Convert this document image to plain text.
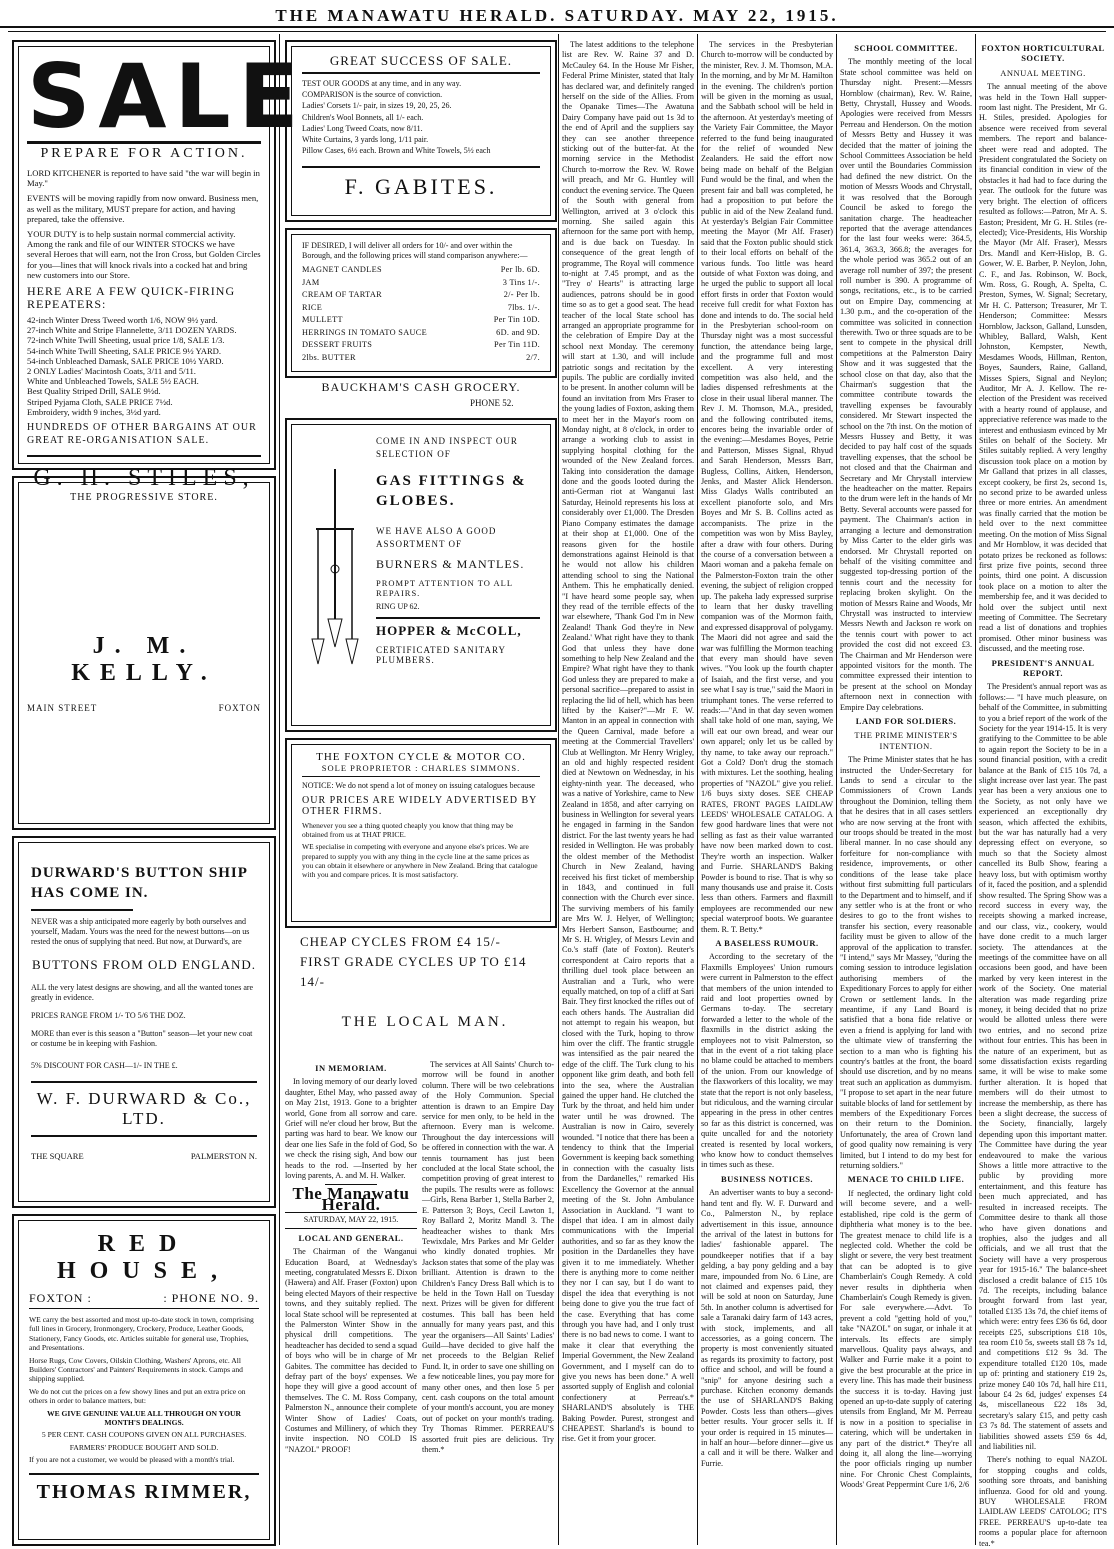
THE MANAWATU HERALD. SATURDAY. MAY 22, 1915.
SALE
PREPARE FOR ACTION.

LORD KITCHENER is reported to have said "the war will begin in May."

EVENTS will be moving rapidly from now onward. Business men, as well as the military, MUST prepare for action, and having prepared, take the offensive.

YOUR DUTY is to help sustain normal commercial activity. Among the rank and file of our WINTER STOCKS we have several Heroes that will earn, not the Iron Cross, but Golden Circles for you—lines that will knock rivals into a cocked hat and bring new customers into our Store.

HERE ARE A FEW QUICK-FIRING REPEATERS:
42-inch Winter Dress Tweed worth 1/6, NOW 9½ yard.
27-inch White and Stripe Flannelette, 3/11 DOZEN YARDS.
72-inch White Twill Sheeting, usual price 1/8, SALE 1/3.
54-inch White Twill Sheeting, SALE PRICE 9½ YARD.
54-inch Unbleached Damask, SALE PRICE 10½ YARD.
2 ONLY Ladies' Macintosh Coats, 3/11 and 5/11.
White and Unbleached Towels, SALE 5½ EACH.
Best Quality Striped Drill, SALE 9½d.
Striped Pyjama Cloth, SALE PRICE 7½d.
Embroidery, width 9 inches, 3½d yard.
HUNDREDS OF OTHER BARGAINS AT OUR GREAT RE-ORGANISATION SALE.
G. H. STILES,
THE PROGRESSIVE STORE.
J. M. KELLY.
MAIN STREET	FOXTON
DURWARD'S BUTTON SHIP HAS COME IN.

NEVER was a ship anticipated more eagerly by both ourselves and yourself, Madam. Yours was the need for the newest buttons—on us rested the onus of supplying that need. But now, at Durward's, are

BUTTONS FROM OLD ENGLAND.

ALL the very latest designs are showing, and all the wanted tones are greatly in evidence.

PRICES RANGE FROM 1/- TO 5/6 THE DOZ.

MORE than ever is this season a "Button" season—let your new coat or costume be in keeping with Fashion.

5% DISCOUNT FOR CASH—1/- IN THE £.

W. F. DURWARD & Co., LTD.
THE SQUARE	PALMERSTON N.
RED HOUSE,
FOXTON :	: PHONE NO. 9.

WE carry the best assorted and most up-to-date stock in town, comprising full lines in Grocery, Ironmongery, Crockery, Produce, Leather Goods, Stationery, Fancy Goods, etc. Articles suitable for general use, Trophies, and Presentations.

Horse Rugs, Cow Covers, Oilskin Clothing, Washers' Aprons, etc. All Builders' Contractors' and Painters' Requirements in stock. Camps and shipping supplied.

We do not cut the prices on a few showy lines and put an extra price on others in order to balance matters, but:

WE GIVE GENUINE VALUE ALL THROUGH ON YOUR MONTH'S DEALINGS.

5 PER CENT. CASH COUPONS GIVEN ON ALL PURCHASES.

FARMERS' PRODUCE BOUGHT AND SOLD.

If you are not a customer, we would be pleased with a month's trial.

THOMAS RIMMER,
GREAT SUCCESS OF SALE.
TEST OUR GOODS at any time, and in any way.
COMPARISON is the source of conviction.
Ladies' Corsets 1/- pair, in sizes 19, 20, 25, 26.
Children's Wool Bonnets, all 1/- each.
Ladies' Long Tweed Coats, now 8/11.
White Curtains, 3 yards long, 1/11 pair.
Pillow Cases, 6½ each. Brown and White Towels, 5½ each
F. GABITES.

IF DESIRED, I will deliver all orders for 10/- and over within the Borough, and the following prices will stand comparison anywhere:—

MAGNET CANDLES	Per lb. 6D.
JAM	3 Tins 1/-.
CREAM OF TARTAR	2/- Per lb.
RICE	7lbs. 1/-.
MULLETT	Per Tin 10D.
HERRINGS IN TOMATO SAUCE	6D. and 9D.
DESSERT FRUITS	Per Tin 11D.
2lbs. BUTTER	2/7.
BAUCKHAM'S CASH GROCERY.
PHONE 52.
COME IN AND INSPECT OUR SELECTION OF
GAS FITTINGS & GLOBES.
WE HAVE ALSO A GOOD ASSORTMENT OF
BURNERS & MANTLES.
PROMPT ATTENTION TO ALL REPAIRS.
RING UP 62.
HOPPER & McCOLL,
CERTIFICATED SANITARY PLUMBERS.
THE FOXTON CYCLE & MOTOR CO.
SOLE PROPRIETOR : CHARLES SIMMONS.

NOTICE: We do not spend a lot of money on issuing catalogues because

OUR PRICES ARE WIDELY ADVERTISED BY OTHER FIRMS.

Whenever you see a thing quoted cheaply you know that thing may be obtained from us at THAT PRICE.

WE specialise in competing with everyone and anyone else's prices. We are prepared to supply you with any thing in the cycle line at the same prices as you can obtain it elsewhere or anywhere in New Zealand. Bring that catalogue with you and compare prices. It is most satisfactory.

CHEAP CYCLES FROM £4 15/-
FIRST GRADE CYCLES UP TO £14 14/-
THE LOCAL MAN.
IN MEMORIAM.

In loving memory of our dearly loved daughter, Ethel May, who passed away on May 21st, 1913. Gone to a brighter world, Gone from all sorrow and care. Grief will ne'er cloud her brow, But the parting was hard to bear. We know our dear one lies Safe in the fold of God, So we check the rising sigh, And bow our heads to the rod. —Inserted by her loving parents, A. and M. H. Walker.

The Manawatu Herald.
SATURDAY, MAY 22, 1915.
LOCAL AND GENERAL.

The Chairman of the Wanganui Education Board, at Wednesday's meeting, congratulated Messrs E. Dixon (Hawera) and Alf. Fraser (Foxton) upon being elected Mayors of their respective towns, and they suitably replied. The local State school will be represented at the Palmerston Winter Show in the physical drill competitions. The headteacher has decided to send a squad of boys who will be in charge of Mr Gabites. The committee has decided to defray part of the boys' expenses. We hope they will give a good account of themselves. The C. M. Ross Company, Palmerston N., announce their complete Winter Show of Ladies' Coats, Costumes and Millinery, of which they invite inspection. NO COLD IS "NAZOL" PROOF!

The services at All Saints' Church to-morrow will be found in another column. There will be two celebrations of the Holy Communion. Special attention is drawn to an Empire Day service for men only, to be held in the afternoon. Every man is welcome. Throughout the day intercessions will be offered in connection with the war. A tennis tournament has just been concluded at the local State school, the competition proving of great interest to the pupils. The results were as follows:—Girls, Rena Barber 1, Stella Barber 2, E. Patterson 3; Boys, Cecil Lawton 1, Roy Ballard 2, Moritz Mandl 3. The headteacher wishes to thank Mrs Tewixdale, Mrs Parkes and Mr Gelder who kindly donated trophies. Mr Jackson states that some of the play was brilliant. Attention is drawn to the Children's Fancy Dress Ball which is to be held in the Town Hall on Tuesday next. Prizes will be given for different costumes. This ball has been held annually for many years past, and this year the organisers—All Saints' Ladies' Guild—have decided to give half the net proceeds to the Belgian Relief Fund. It, in order to save one shilling on a few noticeable lines, you pay more for many other ones, and then lose 5 per cent. cash coupons on the total amount of your month's account, you are money out of pocket on your month's trading. Try Thomas Rimmer. PERREAU'S assorted fruit pies are delicious. Try them.*

The latest additions to the telephone list are Rev. W. Raine 37 and D. McCauley 64. In the House Mr Fisher, Federal Prime Minister, stated that Italy has declared war, and definitely ranged herself on the side of the Allies. From the Opanake Times—The Awatuna Dairy Company have paid out 1s 3d to the end of April and the suppliers say they can see another threepence sticking out of the butter-fat. At the morning service in the Methodist Church to-morrow the Rev. W. Rowe will preach, and Mr G. Huntley will conduct the evening service. The Queen of the South with general from Wellington, arrived at 3 o'clock this morning. She sailed again this afternoon for the same port with hemp, and is due back on Tuesday. In consequence of the great length of programme, The Royal will commence to-night at 7.45 prompt, and as the "Trey o' Hearts" is attracting large audiences, patrons should be in good time so as to get a good seat. The head teacher of the local State school has arranged an appropriate programme for the celebration of Empire Day at the school next Monday. The ceremony will start at 1.30, and will include patriotic songs and recitation by the pupils. The public are cordially invited to be present. In another column will be found an invitation from Mrs Fraser to the young ladies of Foxton, asking them to meet her in the Mayor's room on Monday night, at 8 o'clock, in order to arrange a working club to assist in supplying hospital clothing for the wounded of the New Zealand forces. Taking into consideration the damage done and the goods looted during the anti-German riot at Wanganui last Saturday, Heinold represents his loss at considerably over £1,000. The Dresden Piano Company estimates the damage at their shop at £1,000. One of the reasons given for the hostile demonstrations against Heinold is that he would not allow his children attending school to sing the National Anthem. This he emphatically denied. "I have heard some people say, when they read of the terrible effects of the war elsewhere, 'Thank God I'm in New Zealand! Thank God they're in New Zealand.' What right have they to thank God that unless they have done something to help New Zealand and the Empire? What right have they to thank God unless they are prepared to make a personal sacrifice—prepared to assist in replacing the lid of hell, which has been lifted by the Kaiser?"—Mr F. W. Manton in an appeal in connection with the Queen Carnival, made before a meeting at the Commercial Travellers' Club at Wellington. Mr Henry Wrigley, an old and highly respected resident died at Newtown on Wednesday, in his eighty-ninth year. The deceased, who was a native of Yorkshire, came to New Zealand in 1858, and after carrying on business in Wellington for several years he engaged in farming in the Sandon district. For the last twenty years he had resided in Wellington. He was probably the oldest member of the Methodist Church in New Zealand, having received his first ticket of membership in 1843, and continued in full connection with the Church ever since. The surviving members of his family are Mrs W. J. Helyer, of Wellington; Mrs Herbert Sanson, Eastbourne; and Mr S. H. Wrigley, of Messrs Levin and Co.'s staff (late of Foxton). Reuter's correspondent at Cairo reports that a thrilling duel took place between an Australian and a Turk, who were equally matched, on top of a cliff at Sari Bair. They first knocked the rifles out of each others hands. The Australian did not attempt to regain his weapon, but closed with the Turk, hoping to throw him over the cliff. The frantic struggle was intensified as the pair neared the edge of the cliff. The Turk clung to his opponent like grim death, and both fell into the sea, where the Australian gained the upper hand. He clutched the Turk by the throat, and held him under water until he was drowned. The Australian is now in Cairo, severely wounded. "I notice that there has been a tendency to think that the Imperial Government is keeping back something in connection with the casualty lists from the Dardanelles," remarked His Excellency the Governor at the annual meeting of the St. John Ambulance Association in Auckland. "I want to dispel that idea. I am in almost daily communications with the Imperial authorities, and so far as they know the position in the Dardanelles they have given it to me immediately. Whether there is anything more to come neither they nor I can say, but I do want to dispel the idea that everything is not being done to give you the true fact of the case. Everything that has come through you have had, and I only trust there is no bad news to come. I want to make it clear that everything the Imperial Government, the New Zealand Government, and I myself can do to give you news has been done." A well assorted supply of English and colonial confectionery at Perreau's.* SHARLAND'S absolutely is THE Baking Powder. Purest, strongest and CHEAPEST. Sharland's is bound to rise. Get it from your grocer.

The services in the Presbyterian Church to-morrow will be conducted by the minister, Rev. J. M. Thomson, M.A. In the morning, and by Mr M. Hamilton in the evening. The children's portion will be given in the morning as usual, and the Sabbath school will be held in the afternoon. At yesterday's meeting of the Variety Fair Committee, the Mayor referred to the fund being inaugurated for the relief of wounded New Zealanders. He said the effort now being made on behalf of the Belgian Fund would be the final, and when the present fair and ball was completed, he had a proposition to put before the public in aid of the New Zealand fund. At yesterday's Belgian Fair Committee meeting the Mayor (Mr Alf. Fraser) said that the Foxton public should stick to their local efforts on behalf of the various funds. Too little was heard outside of what Foxton was doing, and he urged the public to support all local effort firsts in order that Foxton would receive full credit for what Foxton has done and intends to do. The social held in the Presbyterian school-room on Thursday night was a most successful function, the attendance being large, and the programme full and most excellent. A very interesting competition was also held, and the ladies dispensed refreshments at the close in their usual liberal manner. The Rev J. M. Thomson, M.A., presided, and the following contributed items, encores being the invariable order of the evening:—Mesdames Boyes, Petrie and Patterson, Misses Signal, Rhyud and Sarah Henderson, Messrs Barr, Bugless, Collins, Aitken, Henderson, Jenks, and Master Alick Henderson. Miss Gladys Walls contributed an excellent pianoforte solo, and Mrs Boyes and Mr S. B. Collins acted as accompanists. The prize in the competition was won by Miss Bayley, after a draw with four others. During the course of a conversation between a Maori woman and a pakeha female on the Palmerston-Foxton train the other evening, the subject of religion cropped up. The pakeha lady expressed surprise to learn that her dusky travelling companion was of the Mormon faith, and expressed disapproval of polygamy. The Maori did not agree and said the war was fulfilling the Mormon teaching that every man should have seven wives. "You look up the fourth chapter of Isaiah, and the first verse, and you see what I say is true," said the Maori in triumphant tones. The verse referred to reads:—"And in that day seven women shall take hold of one man, saying, We will eat our own bread, and wear our own apparel; only let us be called by thy name, to take away our reproach." Got a Cold? Don't drug the stomach with mixtures. Let the soothing, healing properties of "NAZOL" give you relief. 1/6 buys sixty doses. SEE CHEAP RATES, FRONT PAGES LAIDLAW LEEDS' WHOLESALE CATALOG. A few good hardware lines that were not selling as fast as their value warranted have now been marked down to cost. They're worth an inspection. Walker and Furrie. SHARLAND'S Baking Powder is bound to rise. That is why so many thousands use and praise it. Costs less than others. Farmers and flaxmill employees are recommended our new special waterproof boots. We guarantee them. R. T. Betty.*

A BASELESS RUMOUR.

According to the secretary of the Flaxmills Employees' Union rumours were current in Palmerston to the effect that members of the union intended to raid and loot properties owned by Germans to-day. The secretary forwarded a letter to the whole of the flaxmills in the district asking the employees not to visit Palmerston, so that in the event of a riot taking place no blame could be attached to members of the union. From our knowledge of the flaxworkers of this locality, we may state that the report is not only baseless, but ridiculous, and the warning circular appearing in the press in other centres so far as this district is concerned, was quite uncalled for and the notoriety created is resented by local workers, who know how to conduct themselves in times such as these.

BUSINESS NOTICES.

An advertiser wants to buy a second-hand tent and fly. W. F. Durward and Co., Palmerston N., by replace advertisement in this issue, announce the arrival of the latest in buttons for ladies' fashionable apparel. The poundkeeper notifies that if a bay gelding, a bay pony gelding and a bay mare, impounded from No. 6 Line, are not claimed and expenses paid, they will be sold at noon on Saturday, June 5th. In another column is advertised for sale a Taranaki dairy farm of 143 acres, with stock, implements, and all accessories, as a going concern. The property is most conveniently situated as regards its proximity to factory, post office and school, and will be found a "snip" for anyone desiring such a purchase. Kitchen economy demands the use of SHARLAND'S Baking Powder. Costs less than others—gives better results. Your grocer sells it. If your order is required in 15 minutes—in half an hour—before dinner—give us a call and it will be there. Walker and Furrie.

SCHOOL COMMITTEE.

The monthly meeting of the local State school committee was held on Thursday night. Present:—Messrs Hornblow (chairman), Rev. W. Raine, Betty, Chrystall, Hussey and Woods. Apologies were received from Messrs Perreau and Henderson. On the motion of Messrs Betty and Hussey it was decided that the matter of joining the School Committees Association be held over until the Boundaries Commission had defined the new district. On the motion of Messrs Woods and Chrystall, it was resolved that the Borough Council be asked to forego the sanitation charge. The headteacher reported that the average attendances for the last four weeks were: 364.5, 361.4, 363.3, 366.8; the averages for the whole period was 365.2 out of an average roll number of 397; the present roll number is 390. A programme of songs, recitations, etc., is to be carried out on Empire Day, commencing at 1.30 p.m., and the co-operation of the committee was solicited in connection therewith. Two or three squads are to be sent to compete in the physical drill competitions at the Palmerston Dairy Show and it was suggested that the school close on that day, also that the Chairman's suggestion that the committee contribute towards the travelling expenses be favourably considered. Mr Stewart inspected the school on the 7th inst. On the motion of Messrs Hussey and Betty, it was decided to pay half cost of the squads travelling expenses, that the school be not closed and that the Chairman and Secretary and Mr Chrystall interview the headteacher on the matter. Repairs to the drum were left in the hands of Mr Betty. Several accounts were passed for payment. The Chairman's action in arranging a lecture and demonstration by Miss Carter to the elder girls was endorsed. Mr Chrystall reported on behalf of the visiting committee and suggested top-dressing portion of the tennis court and the necessity for replacing broken skylight. On the motion of Messrs Raine and Woods, Mr Chrystall was instructed to interview Messrs Newth and Jackson re work on the tennis court with power to act provided the cost did not exceed £3. The Chairman and Mr Henderson were appointed visitors for the month. The committee expressed their intention to be present at the school on Monday afternoon next in connection with Empire Day celebrations.

LAND FOR SOLDIERS.
THE PRIME MINISTER'S INTENTION.

The Prime Minister states that he has instructed the Under-Secretary for Lands to send a circular to the Commissioners of Crown Lands throughout the Dominion, telling them that he desires that in all cases settlers who are now serving at the front with our troops should be treated in the most liberal manner. In no case should any forfeiture for non-compliance with residence, improvements, or other conditions of the lease take place without first submitting full particulars to the Department and to himself, and if any settler who is at the front or who desires to go to the front wishes to transfer his section, every reasonable facility must be given to allow of the approval of the application to transfer. "I intend," says Mr Massey, "during the coming session to introduce legislation authorising members of the Expeditionary Forces to apply for either Crown or settlement lands. In the meantime, if any Land Board is satisfied that a bona fide relative or even a friend is applying for land with the ultimate view of transferring the section to a man who is fighting his country's battles at the front, the board should use discretion, and by no means treat such an application as dummyism. "I propose to set apart in the near future suitable blocks of land for settlement by members of the Expeditionary Forces on their return to the Dominion. Unfortunately, the area of Crown land of good quality now remaining is very limited, but I intend to do my best for returning soldiers."

MENACE TO CHILD LIFE.

If neglected, the ordinary light cold will become severe, and a well-established, ripe cold is the germ of diphtheria what money is to the bee. The greatest menace to child life is a neglected cold. Whether the cold be slight or severe, the very best treatment that can be adopted is to give Chamberlain's Cough Remedy. A cold never results in diphtheria when Chamberlain's Cough Remedy is given. For sale everywhere.—Advt. To prevent a cold "getting hold of you," take "NAZOL" on sugar, or inhale it at intervals. Its effects are simply marvellous. Quality pays always, and Walker and Furrie make it a point to give the best procurable at the price in every line. This has made their business the success it is to-day. Having just opened an up-to-date supply of catering utensils from England, Mr M. Perreau is now in a position to specialise in catering, which will be undertaken in any part of the district.* They're all doing it, all along the line—worrying the poor officials ringing up number nine. For Chronic Chest Complaints, Woods' Great Peppermint Cure 1/6, 2/6

FOXTON HORTICULTURAL SOCIETY.
ANNUAL MEETING.

The annual meeting of the above was held in the Town Hall supper-room last night. The President, Mr G. H. Stiles, presided. Apologies for absence were received from several members. The report and balance-sheet were read and adopted. The President congratulated the Society on its financial condition in view of the obstacles it had had to face during the year. The outlook for the future was very bright. The election of officers resulted as follows:—Patron, Mr A. S. Easton; President, Mr G. H. Stiles (re-elected); Vice-Presidents, His Worship the Mayor (Mr Alf. Fraser), Messrs Drs. Mandl and Kerr-Hislop, B. G. Gower, W. E. Barber, P. Neylon, John, C. F., and Jas. Robinson, W. Bock, Wm. Ross, G. Rough, A. Spelta, C. Preston, Symes, W. Signal; Secretary, Mr H. C. Patterson; Treasurer, Mr T. Henderson; Committee: Messrs Hornblow, Jackson, Galland, Lunsden, Whibley, Ballard, Walsh, Kent Johnston, Kempster, Newth, Mesdames Woods, Hillman, Renton, Boyes, Saunders, Raine, Galland, Misses Spiers, Signal and Neylon; Auditor, Mr A. J. Kellow. The re-election of the President was received with a hearty round of applause, and appreciative reference was made to the interest and enthusiasm evinced by Mr Stiles on behalf of the Society. Mr Stiles suitably replied. A very lengthy discussion took place on a motion by Mr Galland that prizes in all classes, except cookery, be first 2s, second 1s, no second prize to be awarded unless three or more entries. An amendment was finally carried that the motion be held over to the next committee meeting. On the motion of Miss Signal and Mr Hornblow, it was decided that potato prizes be reckoned as follows: first prize five points, second three points, third one point. A discussion took place on a motion to alter the membership fee, and it was decided to hold over the subject until next meeting of Committee. The Secretary read a list of donations and trophies promised. Other minor business was discussed, and the meeting rose.

PRESIDENT'S ANNUAL REPORT.

The President's annual report was as follows:— "I have much pleasure, on behalf of the Committee, in submitting to you a brief report of the work of the Society for the year 1914-15. It is very gratifying to the Committee to be able to again report the Society to be in a sound financial position, with a credit balance at the Bank of £15 10s 7d, a slight increase over last year. The past year has been a very anxious one to the Society, as not only have we experienced an exceptionally dry season, which affected the exhibits, but the war has naturally had a very depressing effect on everyone, so much so that the Society almost cancelled its Bulb Show, fearing a heavy loss, but with optimism worthy of it, faced the position, and a splendid show resulted. The Spring Show was a record success in every way, the receipts showing a marked increase, and our class, viz., cookery, would have done credit to a much larger society. The attendances at the meetings of the committee have on all occasions been good, and have been marked by very keen interest in the work of the Society. One material alteration was made regarding prize money, it being decided that no prize would be allotted unless there were two entries, and no second prize without four entries. This has been in the nature of an experiment, but as some dissatisfaction exists regarding same, it will be wise to make some further alteration. It is hoped that members will do their utmost to increase the membership, as there has been a slight decrease, the success of the Society, financially, largely depending upon this important matter. The Committee have during the year endeavoured to make the various Shows a little more attractive to the public by providing more entertainment, and this feature has been much appreciated, and has resulted in increased receipts. The Committee desire to thank all those who have given donations and trophies, also the judges and all officials, and we all trust that the Society will have a very prosperous year for 1915-16." The balance-sheet disclosed a credit balance of £15 10s 7d. The receipts, including balance brought forward from last year, totalled £135 13s 7d, the chief items of which were: entry fees £36 6s 6d, door receipts £25, subscriptions £18 10s, tea room £10 5s, sweets stall £8 7s 1d, and competitions £12 9s 3d. The expenditure totalled £120 10s, made up of: printing and stationery £19 2s, prize money £40 10s 7d, hall hire £11, labour £4 2s 6d, judges' expenses £4 4s, miscellaneous £22 18s 3d, secretary's salary £15, and petty cash £3 7s 8d. The statement of assets and liabilities showed assets £59 6s 4d, and liabilities nil.

There's nothing to equal NAZOL for stopping coughs and colds, soothing sore throats, and banishing influenza. Good for old and young. BUY WHOLESALE FROM LAIDLAW LEEDS' CATOLOG; IT'S FREE. PERREAU'S up-to-date tea rooms a popular place for afternoon tea.*
